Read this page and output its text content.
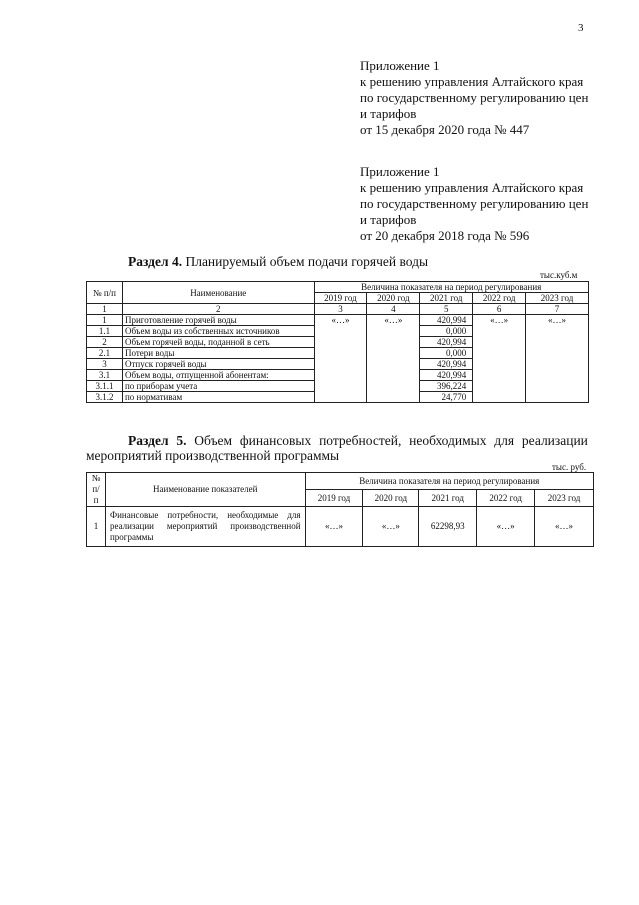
3
Приложение 1
к решению управления Алтайского края
по государственному регулированию цен
и тарифов
от 15 декабря 2020 года № 447
Приложение 1
к решению управления Алтайского края
по государственному регулированию цен
и тарифов
от 20 декабря 2018 года № 596
Раздел 4. Планируемый объем подачи горячей воды
тыс.куб.м
№ п/п	Наименование	Величина показателя на период регулирования				
		2019 год	2020 год	2021 год	2022 год	2023 год
1	2	3	4	5	6	7
1	Приготовление горячей воды	«…»	«…»	420,994	«…»	«…»
1.1	Объем воды из собственных источников			0,000		
2	Объем горячей воды, поданной в сеть			420,994		
2.1	Потери воды			0,000		
3	Отпуск горячей воды			420,994		
3.1	Объем воды, отпущенной абонентам:			420,994		
3.1.1	по приборам учета			396,224		
3.1.2	по нормативам			24,770		
Раздел 5. Объем финансовых потребностей, необходимых для реализации
мероприятий производственной программы
тыс. руб.
№ п/ п	Наименование показателей	Величина показателя на период регулирования				
		2019 год	2020 год	2021 год	2022 год	2023 год
1	Финансовые потребности, необходимые для реализации мероприятий производственной программы	«…»	«…»	62298,93	«…»	«…»
